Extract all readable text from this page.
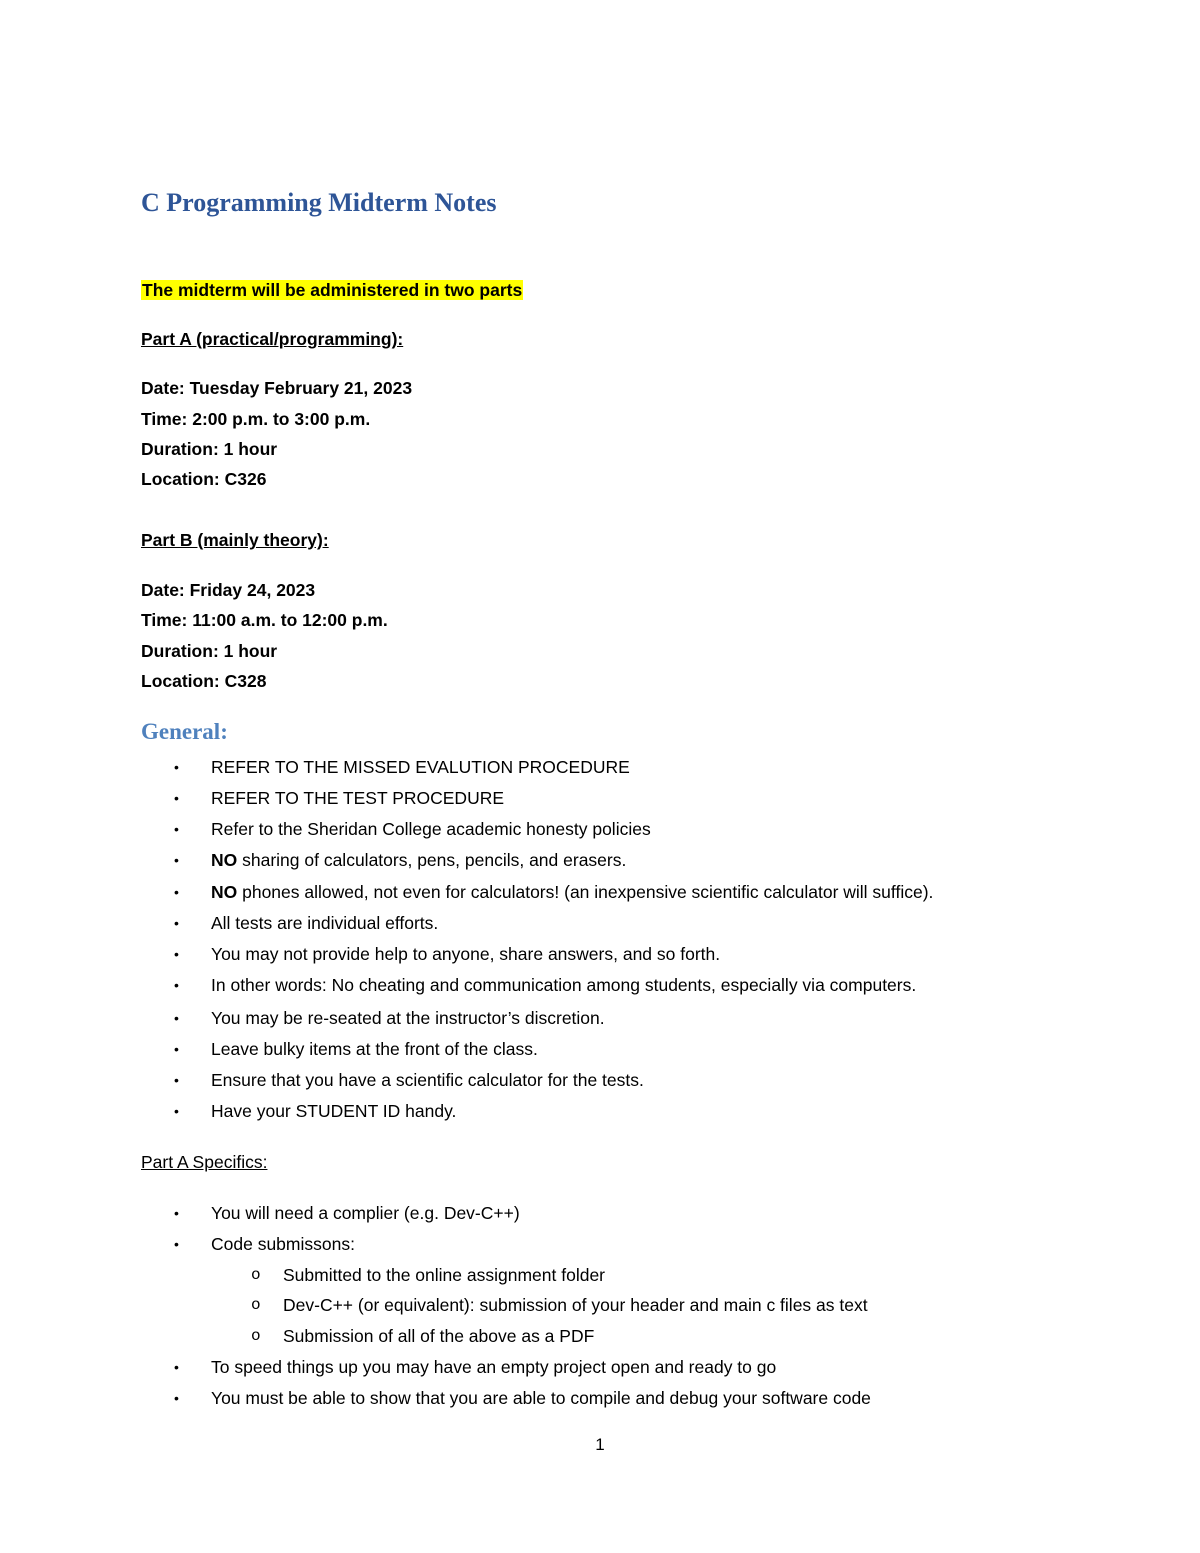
C Programming Midterm Notes
The midterm will be administered in two parts
Part A (practical/programming):
Date: Tuesday February 21, 2023
Time: 2:00 p.m. to 3:00 p.m.
Duration: 1 hour
Location: C326
Part B (mainly theory):
Date: Friday 24, 2023
Time: 11:00 a.m. to 12:00 p.m.
Duration: 1 hour
Location: C328
General:
• REFER TO THE MISSED EVALUTION PROCEDURE
• REFER TO THE TEST PROCEDURE
• Refer to the Sheridan College academic honesty policies
• NO sharing of calculators, pens, pencils, and erasers.
• NO phones allowed, not even for calculators! (an inexpensive scientific calculator will suffice).
• All tests are individual efforts.
• You may not provide help to anyone, share answers, and so forth.
• In other words: No cheating and communication among students, especially via computers.
• You may be re-seated at the instructor’s discretion.
• Leave bulky items at the front of the class.
• Ensure that you have a scientific calculator for the tests.
• Have your STUDENT ID handy.
Part A Specifics:
• You will need a complier (e.g. Dev-C++)
• Code submissons:
o Submitted to the online assignment folder
o Dev-C++ (or equivalent): submission of your header and main c files as text
o Submission of all of the above as a PDF
• To speed things up you may have an empty project open and ready to go
• You must be able to show that you are able to compile and debug your software code
1
